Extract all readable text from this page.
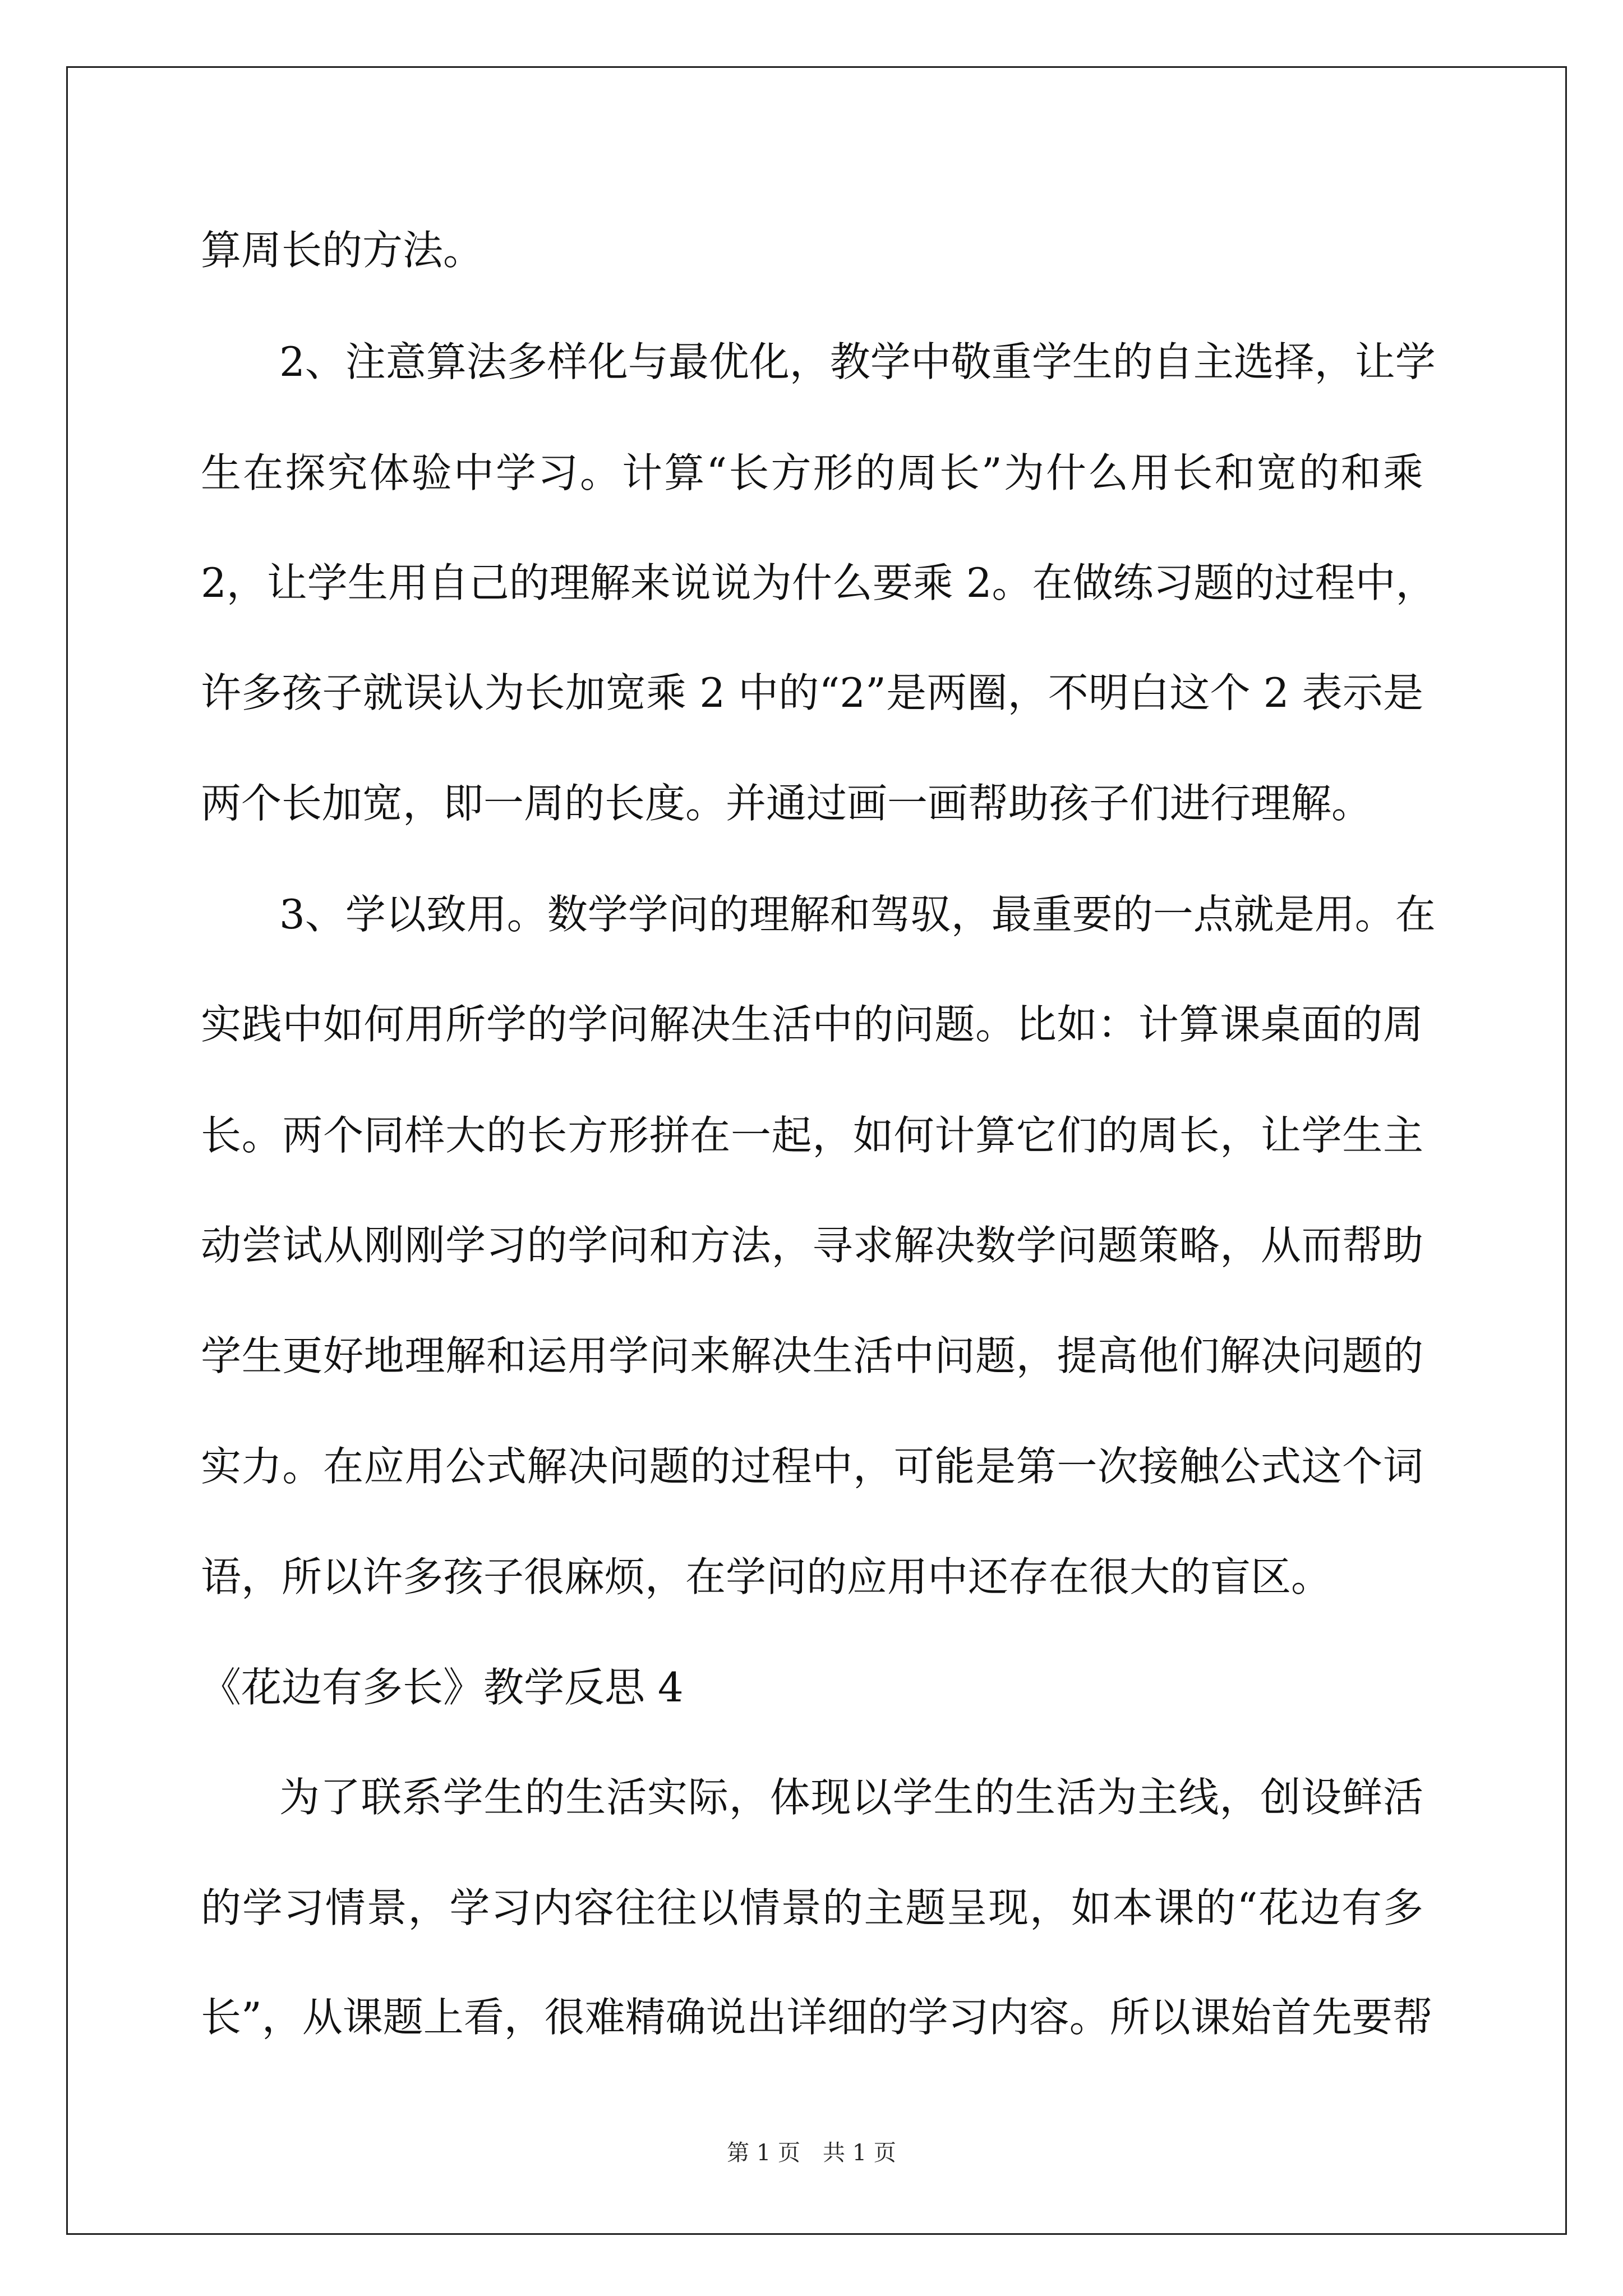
算周长的方法。
2、注意算法多样化与最优化，教学中敬重学生的自主选择，让学
生在探究体验中学习。计算“长方形的周长”为什么用长和宽的和乘
2，让学生用自己的理解来说说为什么要乘 2。在做练习题的过程中，
许多孩子就误认为长加宽乘 2 中的“2”是两圈，不明白这个 2 表示是
两个长加宽，即一周的长度。并通过画一画帮助孩子们进行理解。
3、学以致用。数学学问的理解和驾驭，最重要的一点就是用。在
实践中如何用所学的学问解决生活中的问题。比如：计算课桌面的周
长。两个同样大的长方形拼在一起，如何计算它们的周长，让学生主
动尝试从刚刚学习的学问和方法，寻求解决数学问题策略，从而帮助
学生更好地理解和运用学问来解决生活中问题，提高他们解决问题的
实力。在应用公式解决问题的过程中，可能是第一次接触公式这个词
语，所以许多孩子很麻烦，在学问的应用中还存在很大的盲区。
《花边有多长》教学反思 4
为了联系学生的生活实际，体现以学生的生活为主线，创设鲜活
的学习情景，学习内容往往以情景的主题呈现，如本课的“花边有多
长”，从课题上看，很难精确说出详细的学习内容。所以课始首先要帮
第 1 页　共 1 页
